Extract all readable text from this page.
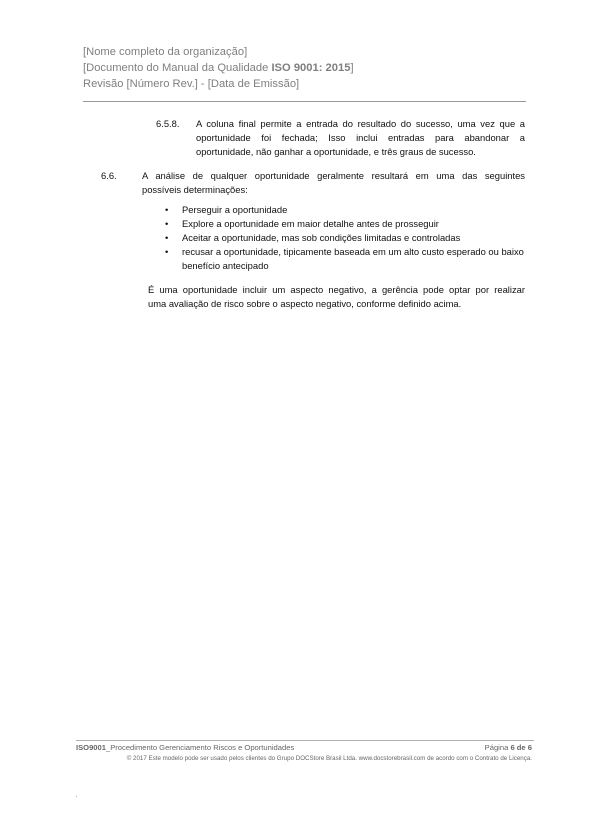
[Nome completo da organização]
[Documento do Manual da Qualidade ISO 9001: 2015]
Revisão [Número Rev.] - [Data de Emissão]
6.5.8. A coluna final permite a entrada do resultado do sucesso, uma vez que a
oportunidade foi fechada; Isso inclui entradas para abandonar a
oportunidade, não ganhar a oportunidade, e três graus de sucesso.
6.6.	A análise de qualquer oportunidade geralmente resultará em uma das seguintes
possíveis determinações:
• Perseguir a oportunidade
• Explore a oportunidade em maior detalhe antes de prosseguir
• Aceitar a oportunidade, mas sob condições limitadas e controladas
• recusar a oportunidade, tipicamente baseada em um alto custo esperado ou baixo benefício antecipado
É uma oportunidade incluir um aspecto negativo, a gerência pode optar por realizar
uma avaliação de risco sobre o aspecto negativo, conforme definido acima.
ISO9001_Procedimento Gerenciamento Riscos e Oportunidades	Página 6 de 6
© 2017 Este modelo pode ser usado pelos clientes do Grupo DOCStore Brasil Ltda. www.docstorebrasil.com de acordo com o Contrato de Licença.
